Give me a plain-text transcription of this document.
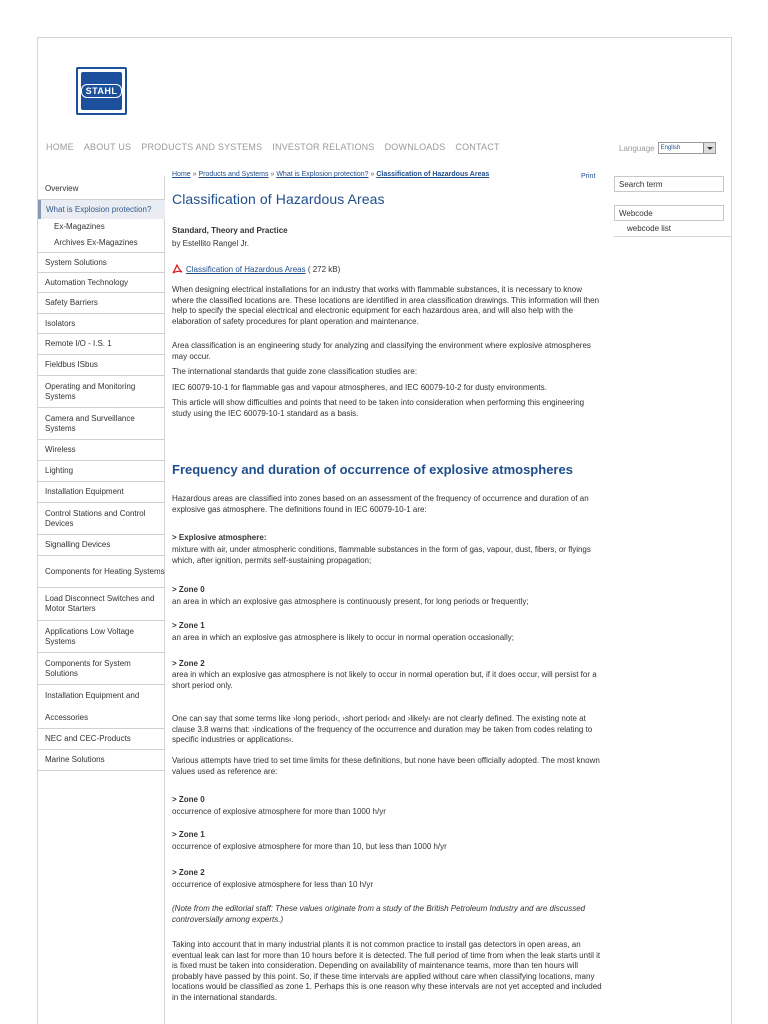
STAHL
HOME ABOUT US PRODUCTS AND SYSTEMS INVESTOR RELATIONS DOWNLOADS CONTACT	Language English
Overview
What is Explosion protection?
Ex-Magazines
Archives Ex-Magazines
System Solutions
Automation Technology
Safety Barriers
Isolators
Remote I/O - I.S. 1
Fieldbus ISbus
Operating and Monitoring Systems
Camera and Surveillance Systems
Wireless
Lighting
Installation Equipment
Control Stations and Control Devices
Signalling Devices
Components for Heating Systems
Load Disconnect Switches and Motor Starters
Applications Low Voltage Systems
Components for System Solutions
Installation Equipment and
Accessories
NEC and CEC-Products
Marine Solutions
Search term
Webcode
webcode list
Home » Products and Systems » What is Explosion protection? » Classification of Hazardous Areas	Print
Classification of Hazardous Areas
Standard, Theory and Practice
by Estellito Rangel Jr.
Classification of Hazardous Areas ( 272 kB)
When designing electrical installations for an industry that works with flammable substances, it is necessary to know where the classified locations are. These locations are identified in area classification drawings. This information will then help to specify the special electrical and electronic equipment for each hazardous area, and will also help with the elaboration of safety procedures for plant operation and maintenance.
Area classification is an engineering study for analyzing and classifying the environment where explosive atmospheres may occur.
The international standards that guide zone classification studies are:
IEC 60079-10-1 for flammable gas and vapour atmospheres, and IEC 60079-10-2 for dusty environments.
This article will show difficulties and points that need to be taken into consideration when performing this engineering study using the IEC 60079-10-1 standard as a basis.
Frequency and duration of occurrence of explosive atmospheres
Hazardous areas are classified into zones based on an assessment of the frequency of occurrence and duration of an explosive gas atmosphere. The definitions found in IEC 60079-10-1 are:
> Explosive atmosphere:
mixture with air, under atmospheric conditions, flammable substances in the form of gas, vapour, dust, fibers, or flyings which, after ignition, permits self-sustaining propagation;
> Zone 0
an area in which an explosive gas atmosphere is continuously present, for long periods or frequently;
> Zone 1
an area in which an explosive gas atmosphere is likely to occur in normal operation occasionally;
> Zone 2
area in which an explosive gas atmosphere is not likely to occur in normal operation but, if it does occur, will persist for a short period only.
One can say that some terms like ›long period‹, ›short period‹ and ›likely‹ are not clearly defined. The existing note at clause 3.8 warns that: ›indications of the frequency of the occurrence and duration may be taken from codes relating to specific industries or applications‹.
Various attempts have tried to set time limits for these definitions, but none have been officially adopted. The most known values used as reference are:
> Zone 0
occurrence of explosive atmosphere for more than 1000 h/yr
> Zone 1
occurrence of explosive atmosphere for more than 10, but less than 1000 h/yr
> Zone 2
occurrence of explosive atmosphere for less than 10 h/yr
(Note from the editorial staff: These values originate from a study of the British Petroleum Industry and are discussed controversially among experts.)
Taking into account that in many industrial plants it is not common practice to install gas detectors in open areas, an eventual leak can last for more than 10 hours before it is detected. The full period of time from when the leak starts until it is fixed must be taken into consideration. Depending on availability of maintenance teams, more than ten hours will probably have passed by this point. So, if these time intervals are applied without care when classifying locations, many locations would be classified as zone 1. Perhaps this is one reason why these intervals are not yet accepted and included in the international standards.
